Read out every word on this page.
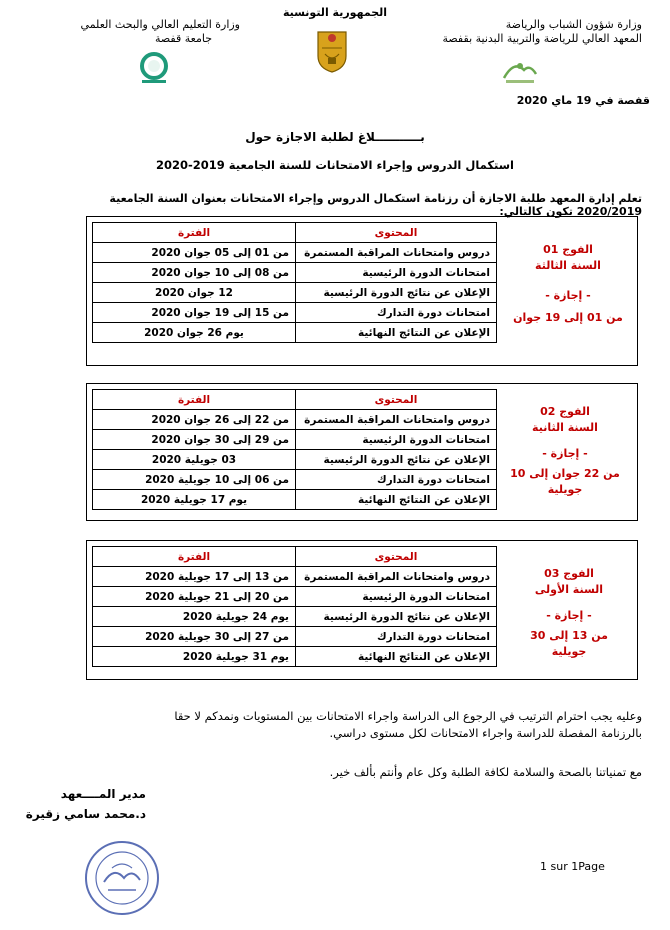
وزارة شؤون الشباب والرياضة
المعهد العالي للرياضة والتربية البدنية بقفصة
الجمهورية التونسية
وزارة التعليم العالي والبحث العلمي
جامعة قفصة
قفصة في 19 ماي 2020
بـــــــــــلاغ لطلبة الاجازة حول
استكمال الدروس وإجراء الامتحانات للسنة الجامعية 2019-2020
تعلم إدارة المعهد طلبة الاجازة أن رزنامة استكمال الدروس وإجراء الامتحانات بعنوان السنة الجامعية 2020/2019 تكون كالتالي:
المحتوى	الفترة
دروس وامتحانات المراقبة المستمرة	من 01 إلى 05 جوان 2020
امتحانات الدورة الرئيسية	من 08 إلى 10 جوان 2020
الإعلان عن نتائج الدورة الرئيسية	12 جوان 2020
امتحانات دورة التدارك	من 15 إلى 19 جوان 2020
الإعلان عن النتائج النهائية	يوم 26 جوان 2020
الفوج 01
السنة الثالثة
- إجازة -
من 01 إلى 19 جوان
المحتوى	الفترة
دروس وامتحانات المراقبة المستمرة	من 22 إلى 26 جوان 2020
امتحانات الدورة الرئيسية	من 29 إلى 30 جوان 2020
الإعلان عن نتائج الدورة الرئيسية	03 جويلية 2020
امتحانات دورة التدارك	من 06 إلى 10 جويلية 2020
الإعلان عن النتائج النهائية	يوم 17 جويلية 2020
الفوج 02
السنة الثانية
- إجازة -
من 22 جوان إلى 10 جويلية
المحتوى	الفترة
دروس وامتحانات المراقبة المستمرة	من 13 إلى 17 جويلية 2020
امتحانات الدورة الرئيسية	من 20 إلى 21 جويلية 2020
الإعلان عن نتائج الدورة الرئيسية	يوم 24 جويلية 2020
امتحانات دورة التدارك	من 27 إلى 30 جويلية 2020
الإعلان عن النتائج النهائية	يوم 31 جويلية 2020
الفوج 03
السنة الأولى
- إجازة -
من 13 إلى 30 جويلية
وعليه يجب احترام الترتيب في الرجوع الى الدراسة واجراء الامتحانات بين المستويات ونمدكم لا حقا
بالرزنامة المفصلة للدراسة واجراء الامتحانات لكل مستوى دراسي.
مع تمنياتنا بالصحة والسلامة لكافة الطلبة وكل عام وأنتم بألف خير.
مدير المــــعهد
د.محمد سامي زقيرة
1 sur 1Page
